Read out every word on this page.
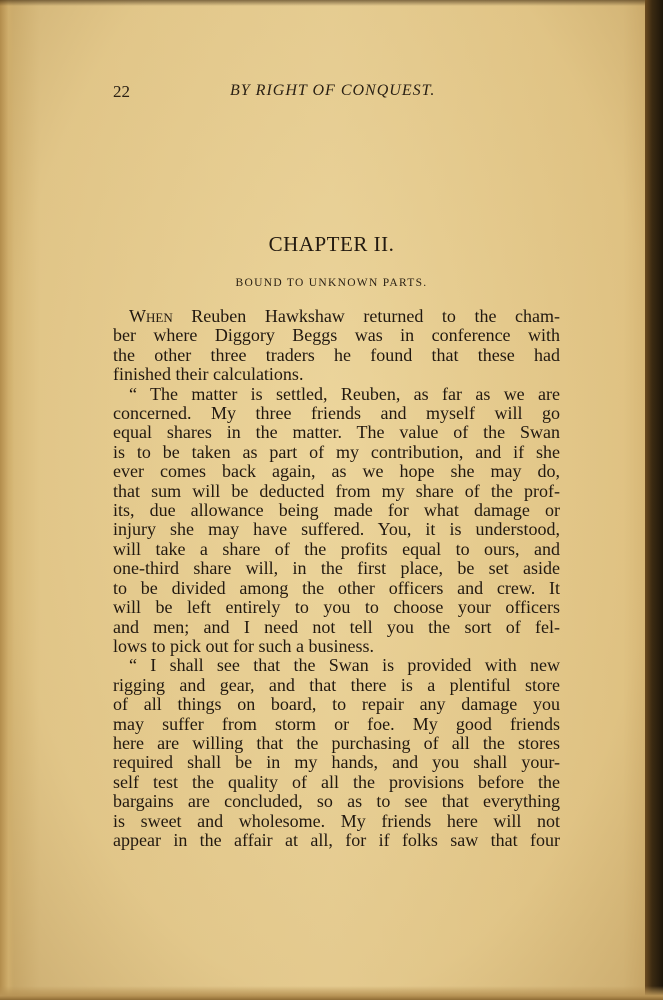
22	BY RIGHT OF CONQUEST.
CHAPTER II.
BOUND TO UNKNOWN PARTS.
When Reuben Hawkshaw returned to the cham-
ber where Diggory Beggs was in conference with
the other three traders he found that these had
finished their calculations.
“ The matter is settled, Reuben, as far as we are
concerned. My three friends and myself will go
equal shares in the matter. The value of the Swan
is to be taken as part of my contribution, and if she
ever comes back again, as we hope she may do,
that sum will be deducted from my share of the prof-
its, due allowance being made for what damage or
injury she may have suffered. You, it is understood,
will take a share of the profits equal to ours, and
one-third share will, in the first place, be set aside
to be divided among the other officers and crew. It
will be left entirely to you to choose your officers
and men; and I need not tell you the sort of fel-
lows to pick out for such a business.
“ I shall see that the Swan is provided with new
rigging and gear, and that there is a plentiful store
of all things on board, to repair any damage you
may suffer from storm or foe. My good friends
here are willing that the purchasing of all the stores
required shall be in my hands, and you shall your-
self test the quality of all the provisions before the
bargains are concluded, so as to see that everything
is sweet and wholesome. My friends here will not
appear in the affair at all, for if folks saw that four
